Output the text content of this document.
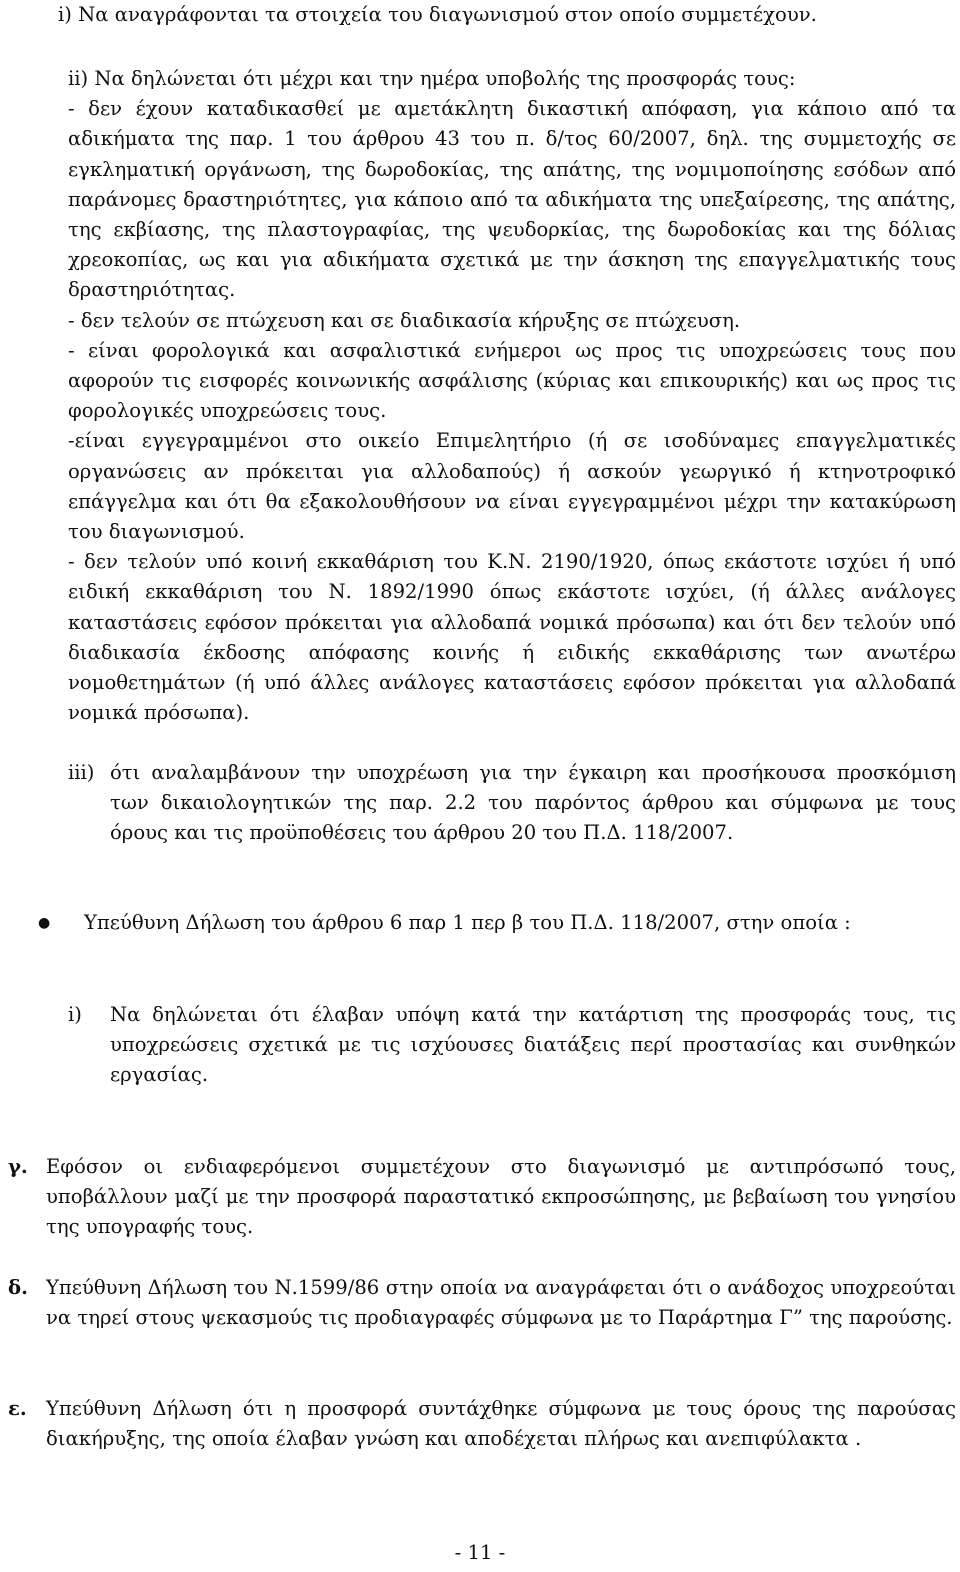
i) Να αναγράφονται τα στοιχεία του διαγωνισμού στον οποίο συμμετέχουν.

ii) Να δηλώνεται ότι μέχρι και την ημέρα υποβολής της προσφοράς τους:
- δεν έχουν καταδικασθεί με αμετάκλητη δικαστική απόφαση, για κάποιο από τα αδικήματα της παρ. 1 του άρθρου 43 του π. δ/τος 60/2007, δηλ. της συμμετοχής σε εγκληματική οργάνωση, της δωροδοκίας, της απάτης, της νομιμοποίησης εσόδων από παράνομες δραστηριότητες, για κάποιο από τα αδικήματα της υπεξαίρεσης, της απάτης, της εκβίασης, της πλαστογραφίας, της ψευδορκίας, της δωροδοκίας και της δόλιας χρεοκοπίας, ως και για αδικήματα σχετικά με την άσκηση της επαγγελματικής τους δραστηριότητας.
- δεν τελούν σε πτώχευση και σε διαδικασία κήρυξης σε πτώχευση.
- είναι φορολογικά και ασφαλιστικά ενήμεροι ως προς τις υποχρεώσεις τους που αφορούν τις εισφορές κοινωνικής ασφάλισης (κύριας και επικουρικής) και ως προς τις φορολογικές υποχρεώσεις τους.
-είναι εγγεγραμμένοι στο οικείο Επιμελητήριο (ή σε ισοδύναμες επαγγελματικές οργανώσεις αν πρόκειται για αλλοδαπούς) ή ασκούν γεωργικό ή κτηνοτροφικό επάγγελμα και ότι θα εξακολουθήσουν να είναι εγγεγραμμένοι μέχρι την κατακύρωση του διαγωνισμού.
- δεν τελούν υπό κοινή εκκαθάριση του Κ.Ν. 2190/1920, όπως εκάστοτε ισχύει ή υπό ειδική εκκαθάριση του Ν. 1892/1990 όπως εκάστοτε ισχύει, (ή άλλες ανάλογες καταστάσεις εφόσον πρόκειται για αλλοδαπά νομικά πρόσωπα) και ότι δεν τελούν υπό διαδικασία έκδοσης απόφασης κοινής ή ειδικής εκκαθάρισης των ανωτέρω νομοθετημάτων (ή υπό άλλες ανάλογες καταστάσεις εφόσον πρόκειται για αλλοδαπά νομικά πρόσωπα).
iii) ότι αναλαμβάνουν την υποχρέωση για την έγκαιρη και προσήκουσα προσκόμιση των δικαιολογητικών της παρ. 2.2 του παρόντος άρθρου και σύμφωνα με τους όρους και τις προϋποθέσεις του άρθρου 20 του Π.Δ. 118/2007.
●	Υπεύθυνη Δήλωση του άρθρου 6 παρ 1 περ β του Π.Δ. 118/2007, στην οποία :
i)	Να δηλώνεται ότι έλαβαν υπόψη κατά την κατάρτιση της προσφοράς τους, τις υποχρεώσεις σχετικά με τις ισχύουσες διατάξεις περί προστασίας και συνθηκών εργασίας.
γ. Εφόσον οι ενδιαφερόμενοι συμμετέχουν στο διαγωνισμό με αντιπρόσωπό τους, υποβάλλουν μαζί με την προσφορά παραστατικό εκπροσώπησης, με βεβαίωση του γνησίου της υπογραφής τους.
δ. Υπεύθυνη Δήλωση του Ν.1599/86 στην οποία να αναγράφεται ότι ο ανάδοχος υποχρεούται να τηρεί στους ψεκασμούς τις προδιαγραφές σύμφωνα με το Παράρτημα Γ” της παρούσης.
ε. Υπεύθυνη Δήλωση ότι η προσφορά συντάχθηκε σύμφωνα με τους όρους της παρούσας διακήρυξης, της οποία έλαβαν γνώση και αποδέχεται πλήρως και ανεπιφύλακτα .
- 11 -
